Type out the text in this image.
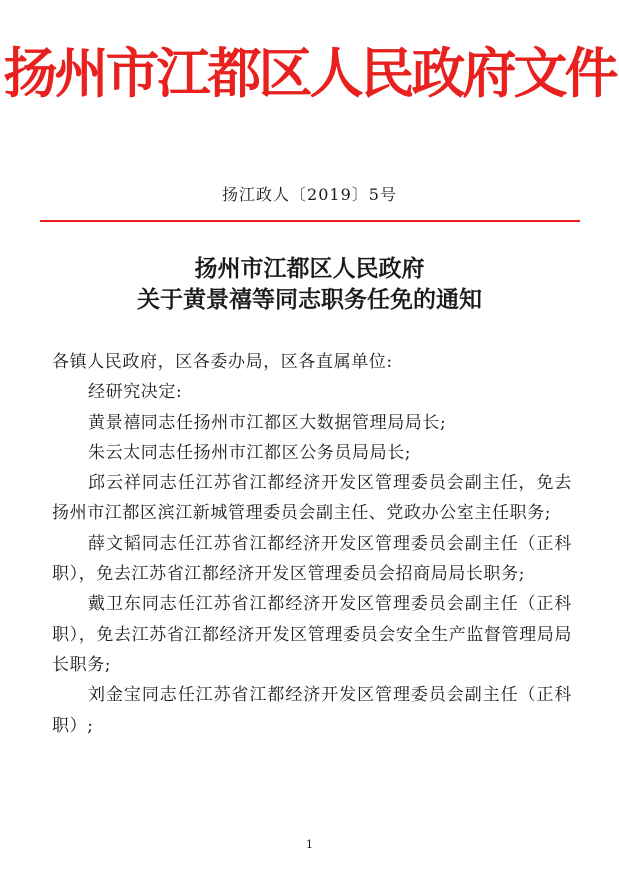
扬州市江都区人民政府文件
扬江政人〔2019〕5号
扬州市江都区人民政府
关于黄景禧等同志职务任免的通知

各镇人民政府，区各委办局，区各直属单位:

经研究决定:

黄景禧同志任扬州市江都区大数据管理局局长;

朱云太同志任扬州市江都区公务员局局长;

邱云祥同志任江苏省江都经济开发区管理委员会副主任，免去扬州市江都区滨江新城管理委员会副主任、党政办公室主任职务;

薛文韬同志任江苏省江都经济开发区管理委员会副主任（正科职），免去江苏省江都经济开发区管理委员会招商局局长职务;

戴卫东同志任江苏省江都经济开发区管理委员会副主任（正科职），免去江苏省江都经济开发区管理委员会安全生产监督管理局局长职务;

刘金宝同志任江苏省江都经济开发区管理委员会副主任（正科职）;

1
